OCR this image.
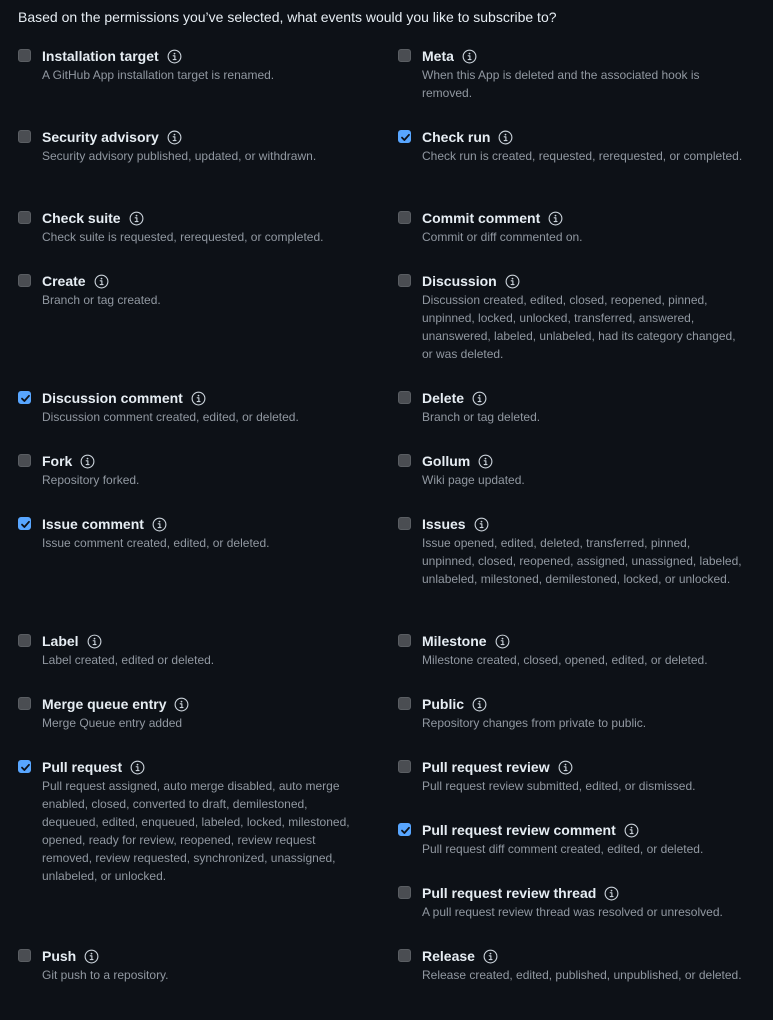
Based on the permissions you’ve selected, what events would you like to subscribe to?
Installation target
A GitHub App installation target is renamed.
Meta
When this App is deleted and the associated hook is removed.
Security advisory
Security advisory published, updated, or withdrawn.
Check run
Check run is created, requested, rerequested, or completed.
Check suite
Check suite is requested, rerequested, or completed.
Commit comment
Commit or diff commented on.
Create
Branch or tag created.
Discussion
Discussion created, edited, closed, reopened, pinned, unpinned, locked, unlocked, transferred, answered, unanswered, labeled, unlabeled, had its category changed, or was deleted.
Discussion comment
Discussion comment created, edited, or deleted.
Delete
Branch or tag deleted.
Fork
Repository forked.
Gollum
Wiki page updated.
Issue comment
Issue comment created, edited, or deleted.
Issues
Issue opened, edited, deleted, transferred, pinned, unpinned, closed, reopened, assigned, unassigned, labeled, unlabeled, milestoned, demilestoned, locked, or unlocked.
Label
Label created, edited or deleted.
Milestone
Milestone created, closed, opened, edited, or deleted.
Merge queue entry
Merge Queue entry added
Public
Repository changes from private to public.
Pull request
Pull request assigned, auto merge disabled, auto merge enabled, closed, converted to draft, demilestoned, dequeued, edited, enqueued, labeled, locked, milestoned, opened, ready for review, reopened, review request removed, review requested, synchronized, unassigned, unlabeled, or unlocked.
Pull request review
Pull request review submitted, edited, or dismissed.
Pull request review comment
Pull request diff comment created, edited, or deleted.
Pull request review thread
A pull request review thread was resolved or unresolved.
Push
Git push to a repository.
Release
Release created, edited, published, unpublished, or deleted.
